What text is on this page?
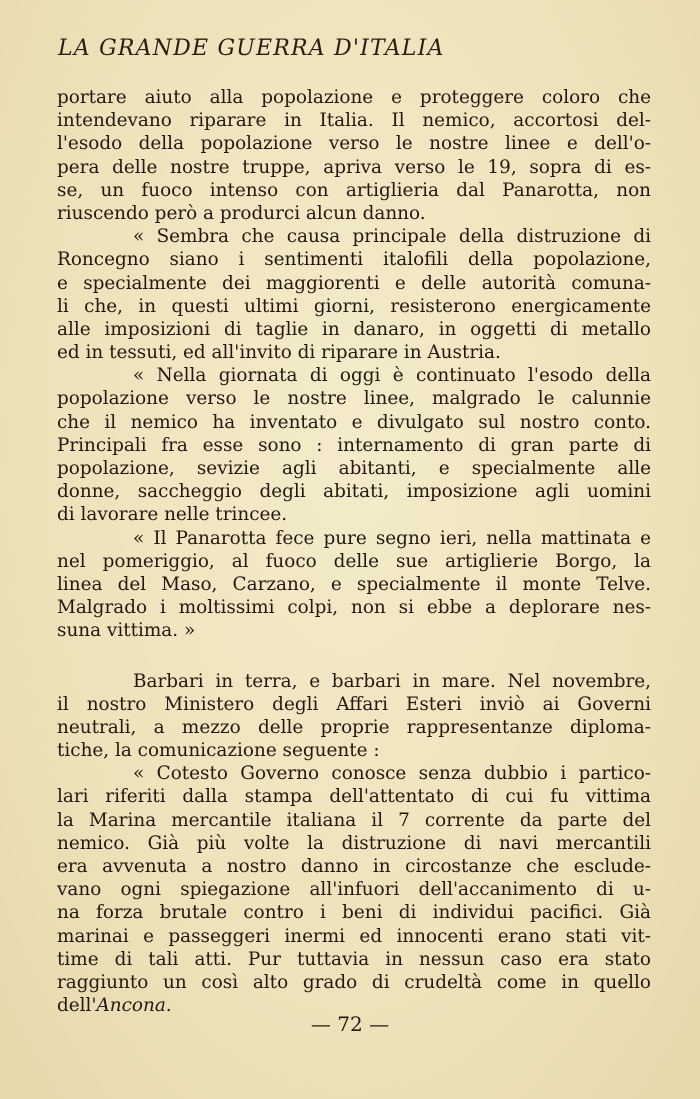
LA GRANDE GUERRA D'ITALIA
portare aiuto alla popolazione e proteggere coloro che
intendevano riparare in Italia. Il nemico, accortosi del-
l'esodo della popolazione verso le nostre linee e dell'o-
pera delle nostre truppe, apriva verso le 19, sopra di es-
se, un fuoco intenso con artiglieria dal Panarotta, non
riuscendo però a produrci alcun danno.
« Sembra che causa principale della distruzione di
Roncegno siano i sentimenti italofili della popolazione,
e specialmente dei maggiorenti e delle autorità comuna-
li che, in questi ultimi giorni, resisterono energicamente
alle imposizioni di taglie in danaro, in oggetti di metallo
ed in tessuti, ed all'invito di riparare in Austria.
« Nella giornata di oggi è continuato l'esodo della
popolazione verso le nostre linee, malgrado le calunnie
che il nemico ha inventato e divulgato sul nostro conto.
Principali fra esse sono : internamento di gran parte di
popolazione, sevizie agli abitanti, e specialmente alle
donne, saccheggio degli abitati, imposizione agli uomini
di lavorare nelle trincee.
« Il Panarotta fece pure segno ieri, nella mattinata e
nel pomeriggio, al fuoco delle sue artiglierie Borgo, la
linea del Maso, Carzano, e specialmente il monte Telve.
Malgrado i moltissimi colpi, non si ebbe a deplorare nes-
suna vittima. »
Barbari in terra, e barbari in mare. Nel novembre,
il nostro Ministero degli Affari Esteri inviò ai Governi
neutrali, a mezzo delle proprie rappresentanze diploma-
tiche, la comunicazione seguente :
« Cotesto Governo conosce senza dubbio i partico-
lari riferiti dalla stampa dell'attentato di cui fu vittima
la Marina mercantile italiana il 7 corrente da parte del
nemico. Già più volte la distruzione di navi mercantili
era avvenuta a nostro danno in circostanze che esclude-
vano ogni spiegazione all'infuori dell'accanimento di u-
na forza brutale contro i beni di individui pacifici. Già
marinai e passeggeri inermi ed innocenti erano stati vit-
time di tali atti. Pur tuttavia in nessun caso era stato
raggiunto un così alto grado di crudeltà come in quello
dell'Ancona.
— 72 —
